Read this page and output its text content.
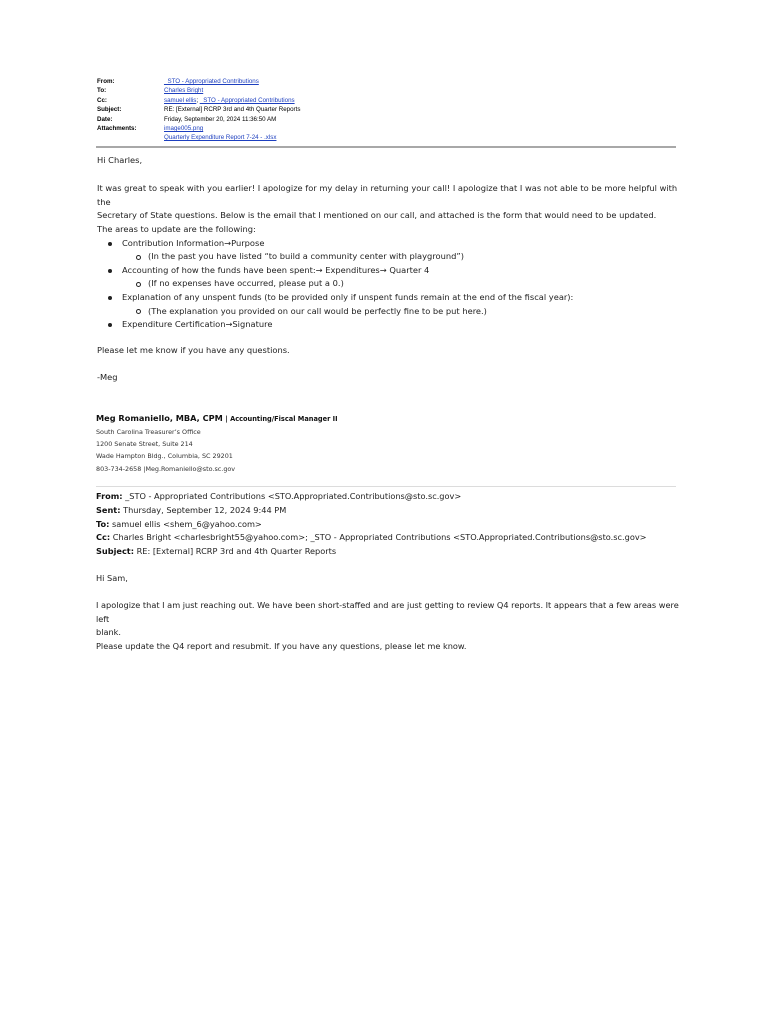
From:	_STO - Appropriated Contributions
To:	Charles Bright
Cc:	samuel ellis; _STO - Appropriated Contributions
Subject:	RE: [External] RCRP 3rd and 4th Quarter Reports
Date:	Friday, September 20, 2024 11:36:50 AM
Attachments:	image005.png
Quarterly Expenditure Report 7-24 - .xlsx

Hi Charles,

It was great to speak with you earlier! I apologize for my delay in returning your call! I apologize that I was not able to be more helpful with the

Secretary of State questions. Below is the email that I mentioned on our call, and attached is the form that would need to be updated.

The areas to update are the following:

Contribution Information→Purpose
(In the past you have listed “to build a community center with playground”)
Accounting of how the funds have been spent:→ Expenditures→ Quarter 4
(If no expenses have occurred, please put a 0.)
Explanation of any unspent funds (to be provided only if unspent funds remain at the end of the fiscal year):
(The explanation you provided on our call would be perfectly fine to be put here.)
Expenditure Certification→Signature

Please let me know if you have any questions.

-Meg

Meg Romaniello, MBA, CPM | Accounting/Fiscal Manager II
South Carolina Treasurer’s Office
1200 Senate Street, Suite 214
Wade Hampton Bldg., Columbia, SC 29201
803-734-2658 |Meg.Romaniello@sto.sc.gov
From: _STO - Appropriated Contributions <STO.Appropriated.Contributions@sto.sc.gov>
Sent: Thursday, September 12, 2024 9:44 PM
To: samuel ellis <shem_6@yahoo.com>
Cc: Charles Bright <charlesbright55@yahoo.com>; _STO - Appropriated Contributions <STO.Appropriated.Contributions@sto.sc.gov>
Subject: RE: [External] RCRP 3rd and 4th Quarter Reports

Hi Sam,

I apologize that I am just reaching out. We have been short-staffed and are just getting to review Q4 reports. It appears that a few areas were left

blank.

Please update the Q4 report and resubmit. If you have any questions, please let me know.
